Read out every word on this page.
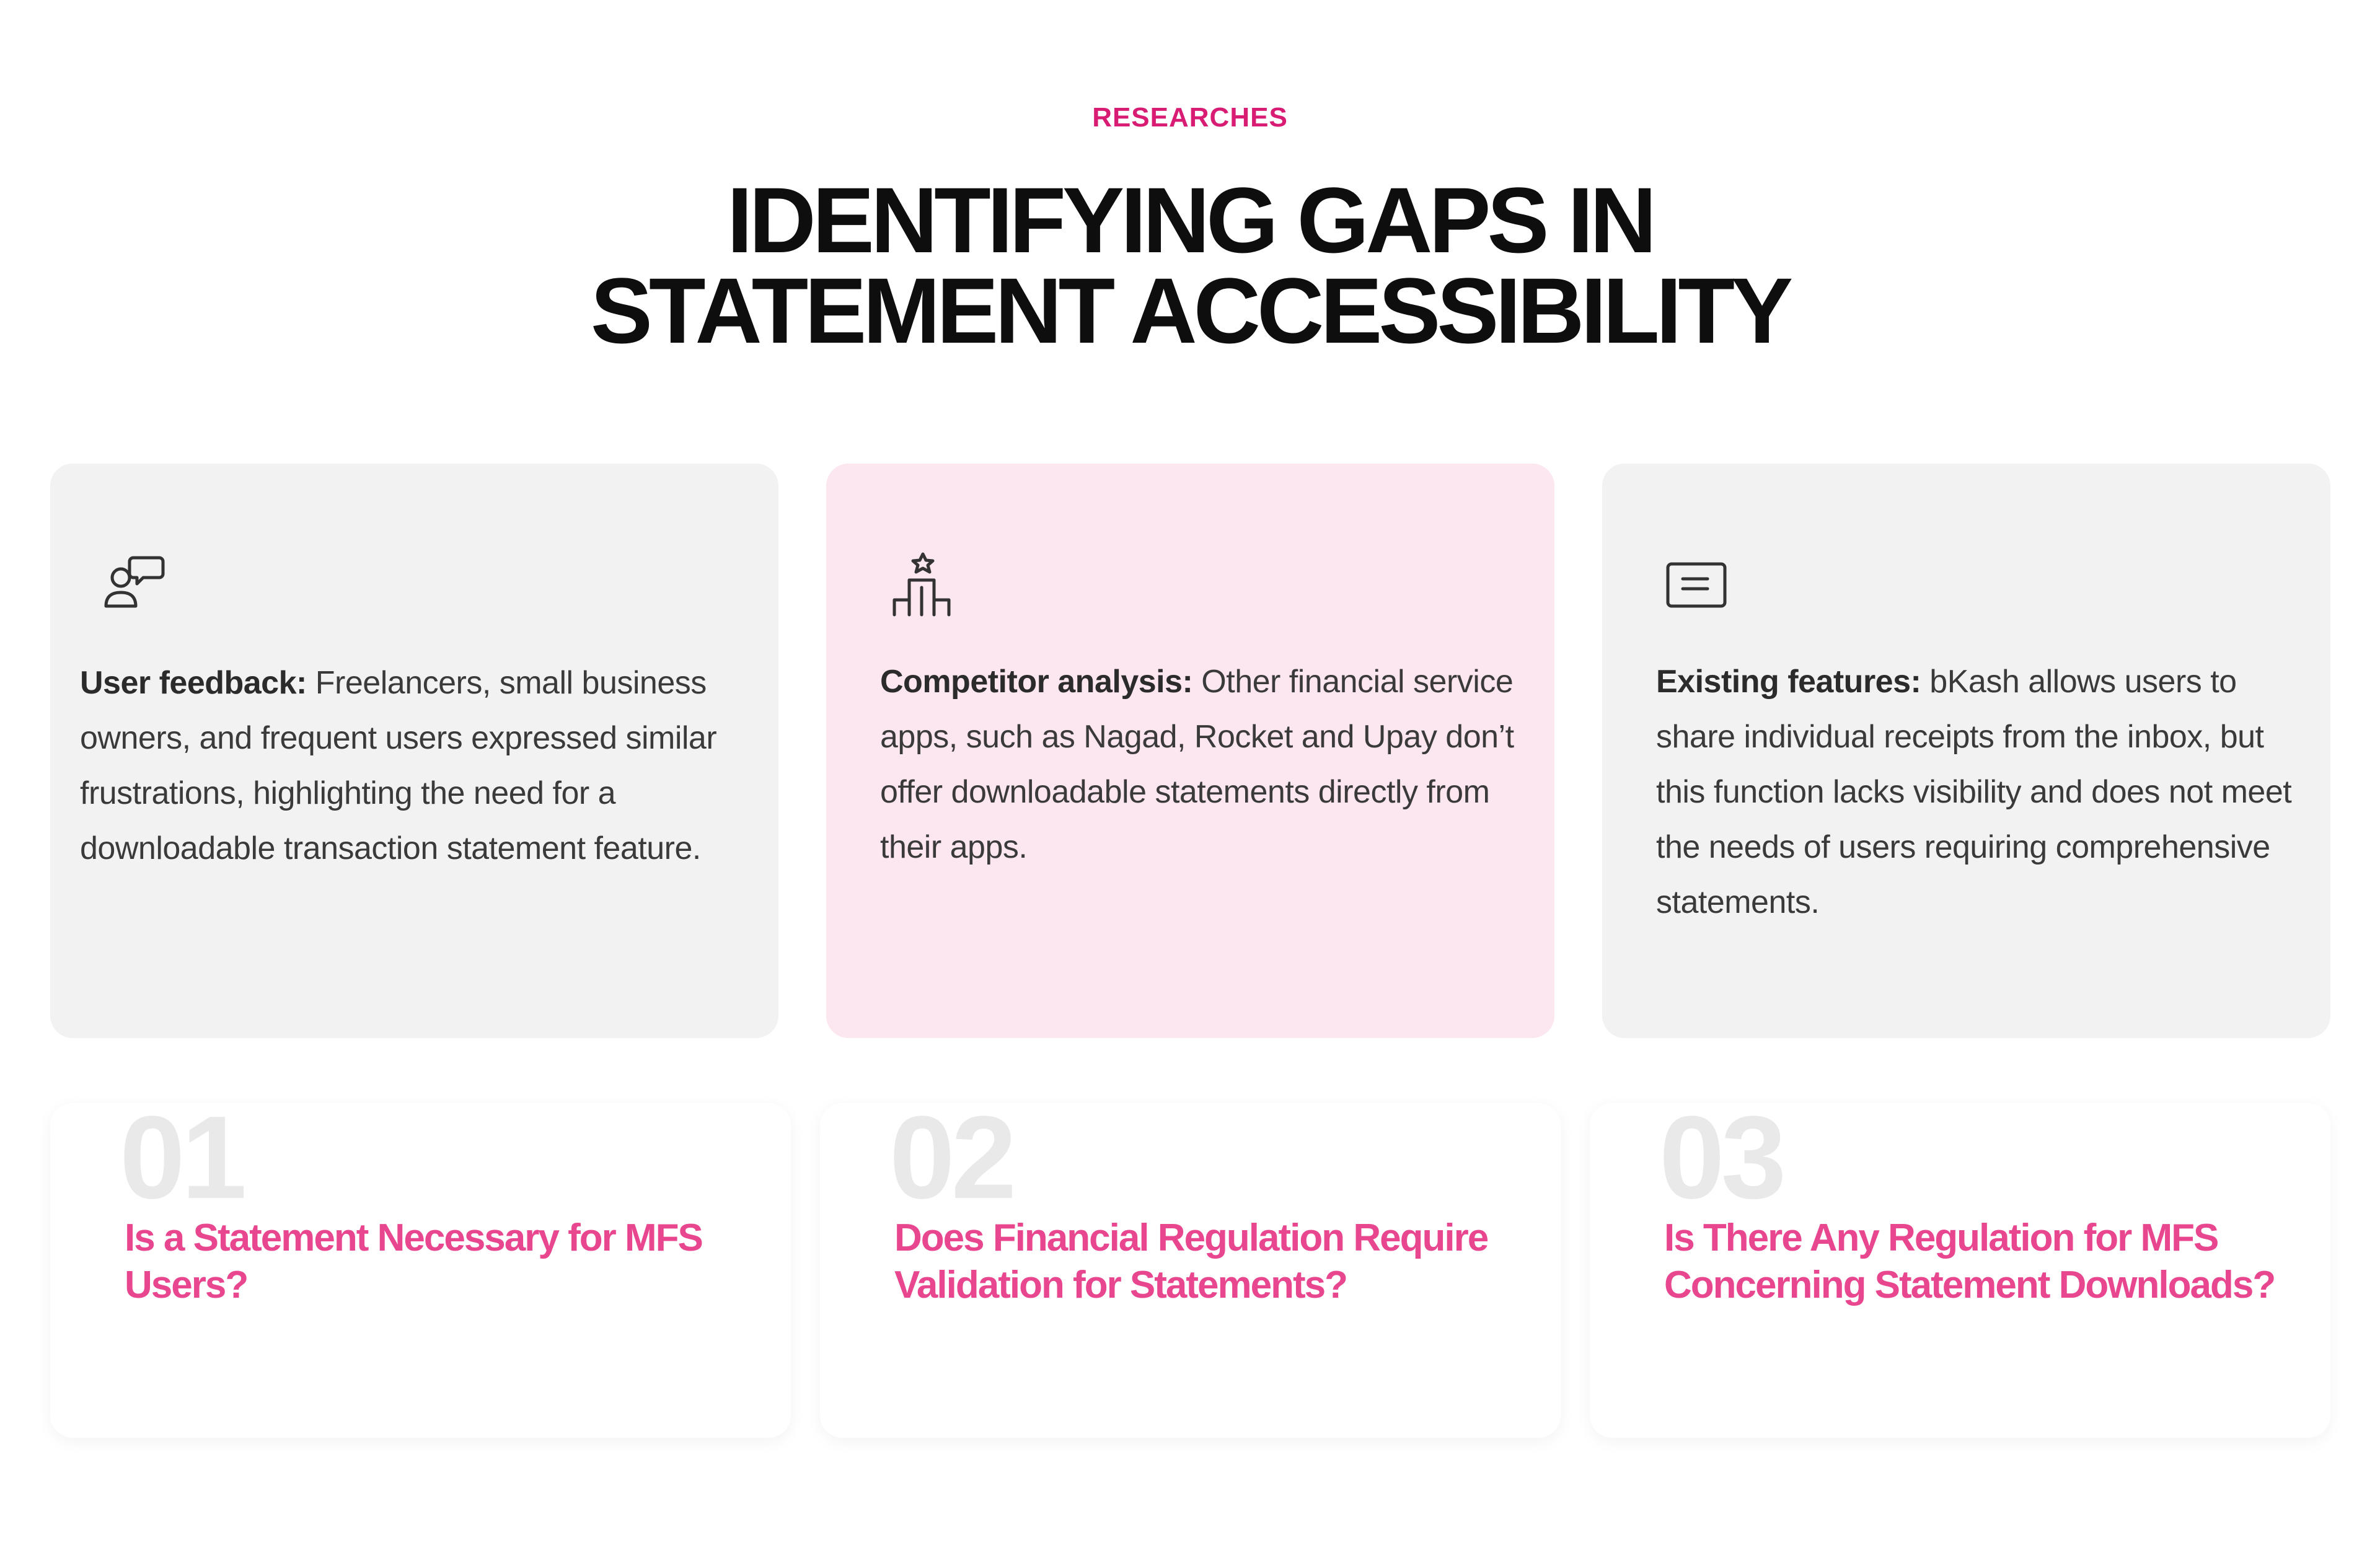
RESEARCHES
IDENTIFYING GAPS IN
STATEMENT ACCESSIBILITY
User feedback: Freelancers, small business owners, and frequent users expressed similar frustrations, highlighting the need for a downloadable transaction statement feature.
Competitor analysis: Other financial service apps, such as Nagad, Rocket and Upay don’t offer downloadable statements directly from their apps.
Existing features: bKash allows users to share individual receipts from the inbox, but this function lacks visibility and does not meet the needs of users requiring comprehensive statements.
01
Is a Statement Necessary for MFS Users?
02
Does Financial Regulation Require Validation for Statements?
03
Is There Any Regulation for MFS Concerning Statement Downloads?
